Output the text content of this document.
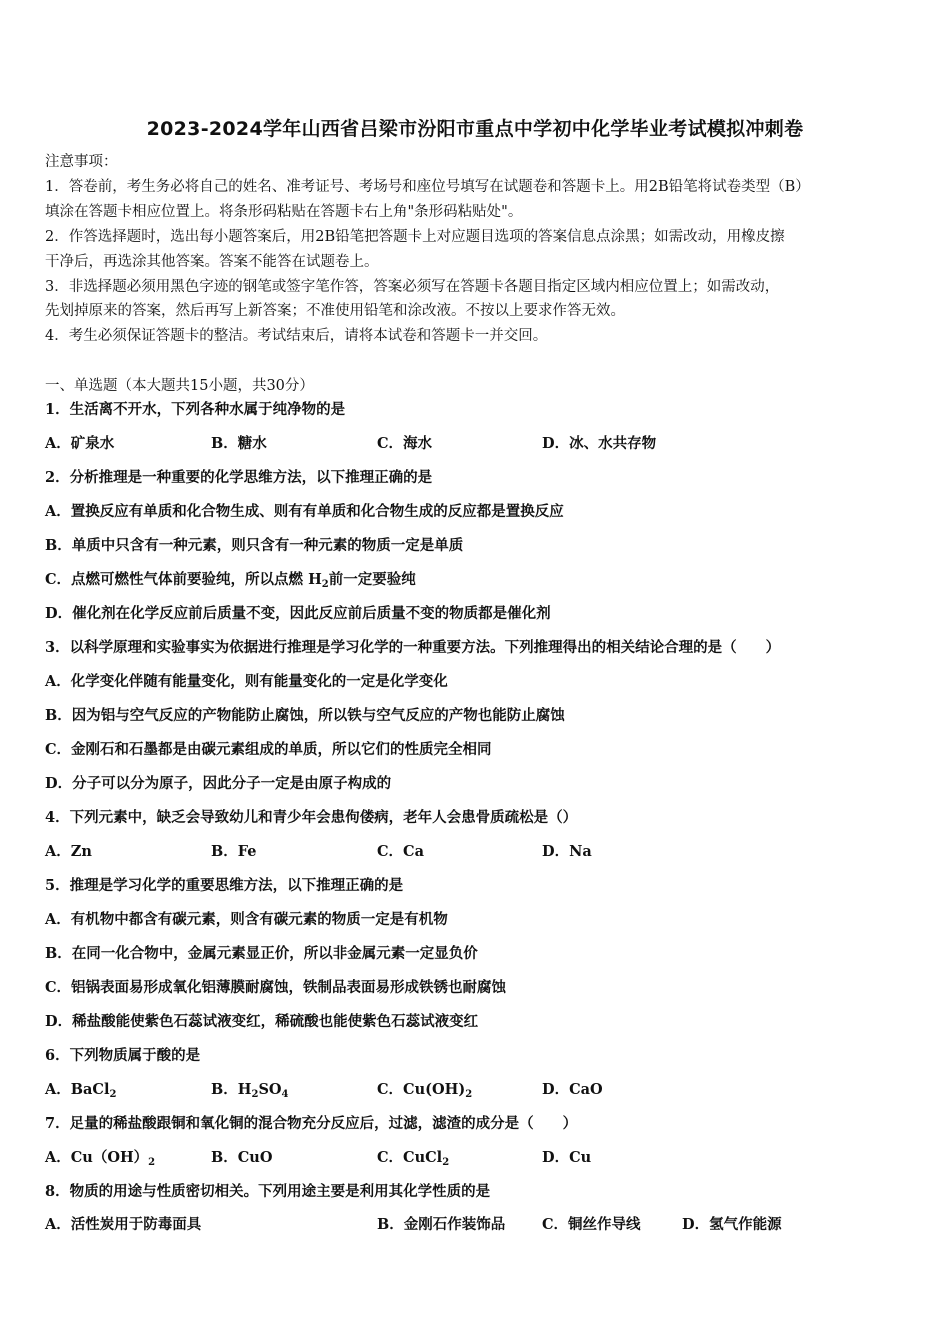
2023-2024学年山西省吕梁市汾阳市重点中学初中化学毕业考试模拟冲刺卷
注意事项：
1．答卷前，考生务必将自己的姓名、准考证号、考场号和座位号填写在试题卷和答题卡上。用2B铅笔将试卷类型（B）
填涂在答题卡相应位置上。将条形码粘贴在答题卡右上角"条形码粘贴处"。
2．作答选择题时，选出每小题答案后，用2B铅笔把答题卡上对应题目选项的答案信息点涂黑；如需改动，用橡皮擦
干净后，再选涂其他答案。答案不能答在试题卷上。
3．非选择题必须用黑色字迹的钢笔或签字笔作答，答案必须写在答题卡各题目指定区域内相应位置上；如需改动，
先划掉原来的答案，然后再写上新答案；不准使用铅笔和涂改液。不按以上要求作答无效。
4．考生必须保证答题卡的整洁。考试结束后，请将本试卷和答题卡一并交回。
一、单选题（本大题共15小题，共30分）
1．生活离不开水，下列各种水属于纯净物的是
A．矿泉水	B．糖水	C．海水	D．冰、水共存物
2．分析推理是一种重要的化学思维方法，以下推理正确的是
A．置换反应有单质和化合物生成、则有有单质和化合物生成的反应都是置换反应
B．单质中只含有一种元素，则只含有一种元素的物质一定是单质
C．点燃可燃性气体前要验纯，所以点燃 $H_2$前一定要验纯
D．催化剂在化学反应前后质量不变，因此反应前后质量不变的物质都是催化剂
3．以科学原理和实验事实为依据进行推理是学习化学的一种重要方法。下列推理得出的相关结论合理的是（　　）
A．化学变化伴随有能量变化，则有能量变化的一定是化学变化
B．因为铝与空气反应的产物能防止腐蚀，所以铁与空气反应的产物也能防止腐蚀
C．金刚石和石墨都是由碳元素组成的单质，所以它们的性质完全相同
D．分子可以分为原子，因此分子一定是由原子构成的
4．下列元素中，缺乏会导致幼儿和青少年会患佝偻病，老年人会患骨质疏松是（）
A．Zn	B．Fe	C．Ca	D．Na
5．推理是学习化学的重要思维方法，以下推理正确的是
A．有机物中都含有碳元素，则含有碳元素的物质一定是有机物
B．在同一化合物中，金属元素显正价，所以非金属元素一定显负价
C．铝锅表面易形成氧化铝薄膜耐腐蚀，铁制品表面易形成铁锈也耐腐蚀
D．稀盐酸能使紫色石蕊试液变红，稀硫酸也能使紫色石蕊试液变红
6．下列物质属于酸的是
A．BaCl$_2$	B．$H_2SO_4$	C．$Cu(OH)_2$	D．CaO
7．足量的稀盐酸跟铜和氧化铜的混合物充分反应后，过滤，滤渣的成分是（　　）
A．$Cu(OH)_2$	B．CuO	C．CuCl$_2$	D．Cu
8．物质的用途与性质密切相关。下列用途主要是利用其化学性质的是
A．活性炭用于防毒面具	B．金刚石作装饰品	C．铜丝作导线	D．氢气作能源
